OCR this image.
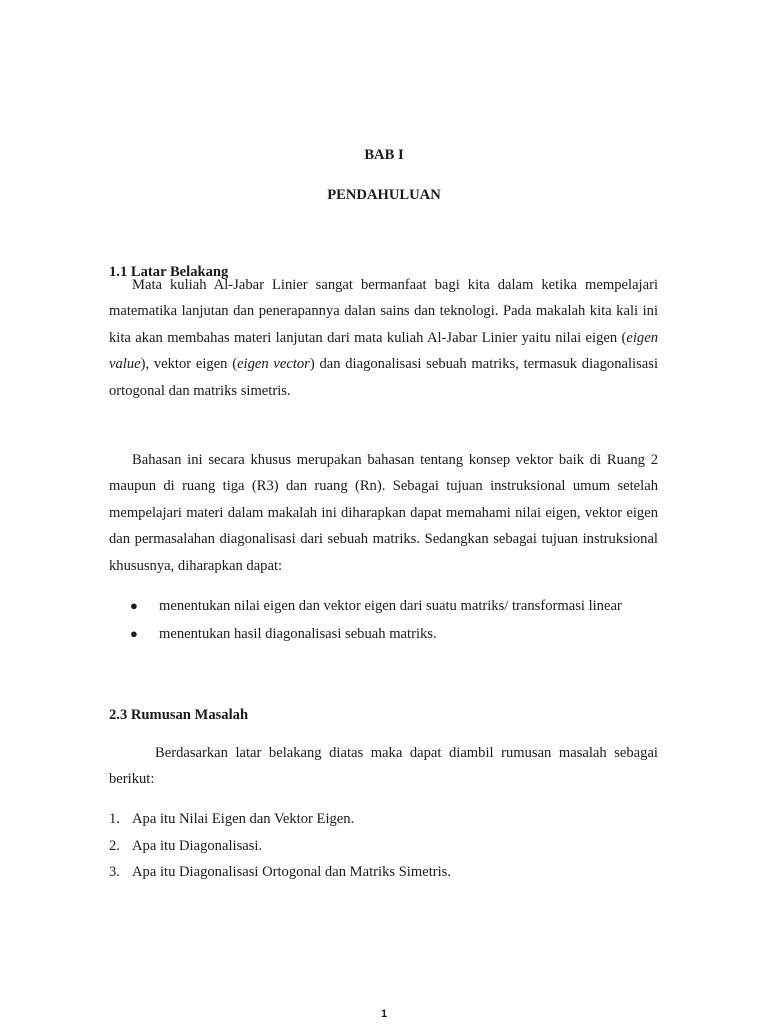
BAB I
PENDAHULUAN
1.1 Latar Belakang

Mata kuliah Al-Jabar Linier sangat bermanfaat bagi kita dalam ketika mempelajari matematika lanjutan dan penerapannya dalan sains dan teknologi. Pada makalah kita kali ini kita akan membahas materi lanjutan dari mata kuliah Al-Jabar Linier yaitu nilai eigen (eigen value), vektor eigen (eigen vector) dan diagonalisasi sebuah matriks, termasuk diagonalisasi ortogonal dan matriks simetris.

Bahasan ini secara khusus merupakan bahasan tentang konsep vektor baik di Ruang 2 maupun di ruang tiga (R3) dan ruang (Rn). Sebagai tujuan instruksional umum setelah mempelajari materi dalam makalah ini diharapkan dapat memahami nilai eigen, vektor eigen dan permasalahan diagonalisasi dari sebuah matriks. Sedangkan sebagai tujuan instruksional khususnya, diharapkan dapat:

● menentukan nilai eigen dan vektor eigen dari suatu matriks/ transformasi linear
● menentukan hasil diagonalisasi sebuah matriks.
2.3 Rumusan Masalah

Berdasarkan latar belakang diatas maka dapat diambil rumusan masalah sebagai berikut:

1. Apa itu Nilai Eigen dan Vektor Eigen.
2. Apa itu Diagonalisasi.
3. Apa itu Diagonalisasi Ortogonal dan Matriks Simetris.
1
